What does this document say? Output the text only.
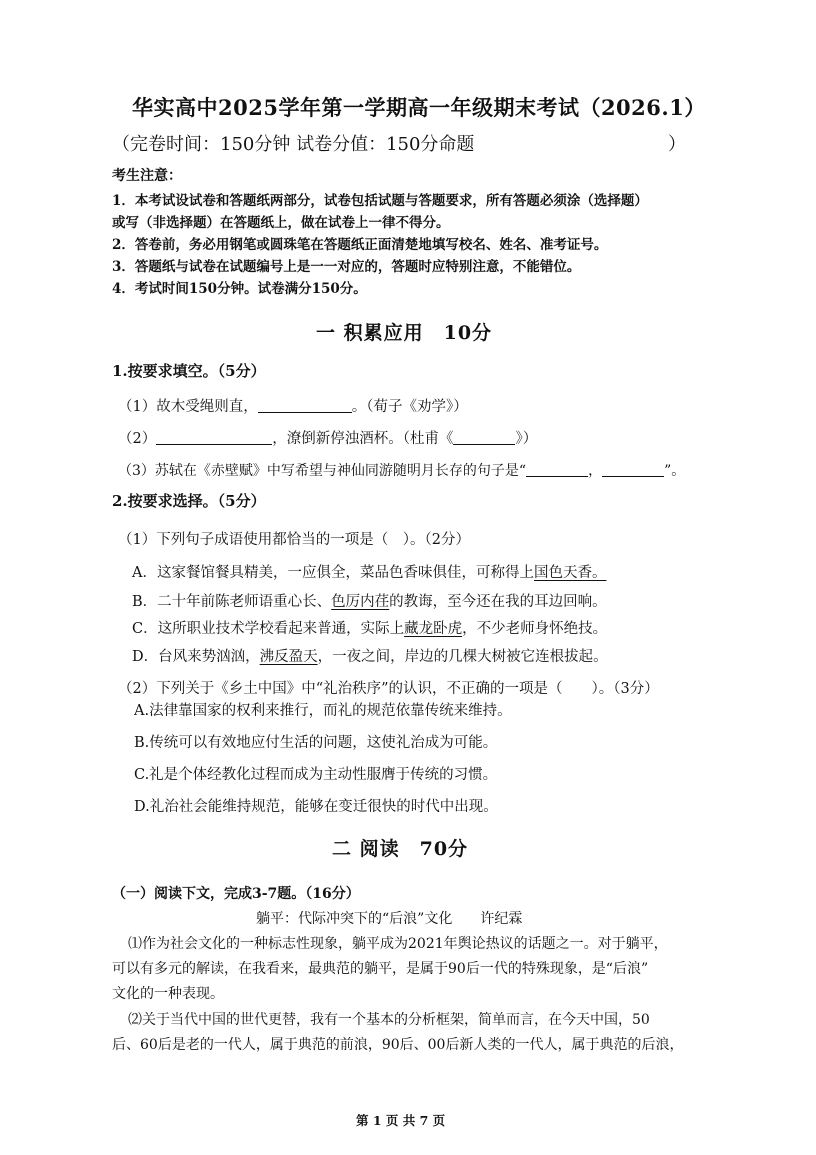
华实高中2025学年第一学期高一年级期末考试（2026.1）
（完卷时间：150分钟 试卷分值：150分命题	）
考生注意：
1．本考试设试卷和答题纸两部分，试卷包括试题与答题要求，所有答题必须涂（选择题）
或写（非选择题）在答题纸上，做在试卷上一律不得分。
2．答卷前，务必用钢笔或圆珠笔在答题纸正面清楚地填写校名、姓名、准考证号。
3．答题纸与试卷在试题编号上是一一对应的，答题时应特别注意，不能错位。
4．考试时间150分钟。试卷满分150分。
一 积累应用　10分
1.按要求填空。（5分）
（1）故木受绳则直，	。（荀子《劝学》）
（2）	，潦倒新停浊酒杯。（杜甫《	》）
（3）苏轼在《赤壁赋》中写希望与神仙同游随明月长存的句子是“	，	”。
2.按要求选择。（5分）
（1）下列句子成语使用都恰当的一项是（　）。（2分）
A．这家餐馆餐具精美，一应俱全，菜品色香味俱佳，可称得上国色天香。
B．二十年前陈老师语重心长、色厉内荏的教诲，至今还在我的耳边回响。
C．这所职业技术学校看起来普通，实际上藏龙卧虎，不少老师身怀绝技。
D．台风来势汹汹，沸反盈天，一夜之间，岸边的几棵大树被它连根拔起。
（2）下列关于《乡土中国》中“礼治秩序”的认识，不正确的一项是（　　）。（3分）
A.法律靠国家的权利来推行，而礼的规范依靠传统来维持。
B.传统可以有效地应付生活的问题，这使礼治成为可能。
C.礼是个体经教化过程而成为主动性服膺于传统的习惯。
D.礼治社会能维持规范，能够在变迁很快的时代中出现。
二 阅读　70分
（一）阅读下文，完成3-7题。（16分）
躺平：代际冲突下的“后浪”文化　　许纪霖
⑴作为社会文化的一种标志性现象，躺平成为2021年舆论热议的话题之一。对于躺平，
可以有多元的解读，在我看来，最典范的躺平，是属于90后一代的特殊现象，是“后浪”
文化的一种表现。
⑵关于当代中国的世代更替，我有一个基本的分析框架，简单而言，在今天中国，50
后、60后是老的一代人，属于典范的前浪，90后、00后新人类的一代人，属于典范的后浪，
第 1 页 共 7 页
